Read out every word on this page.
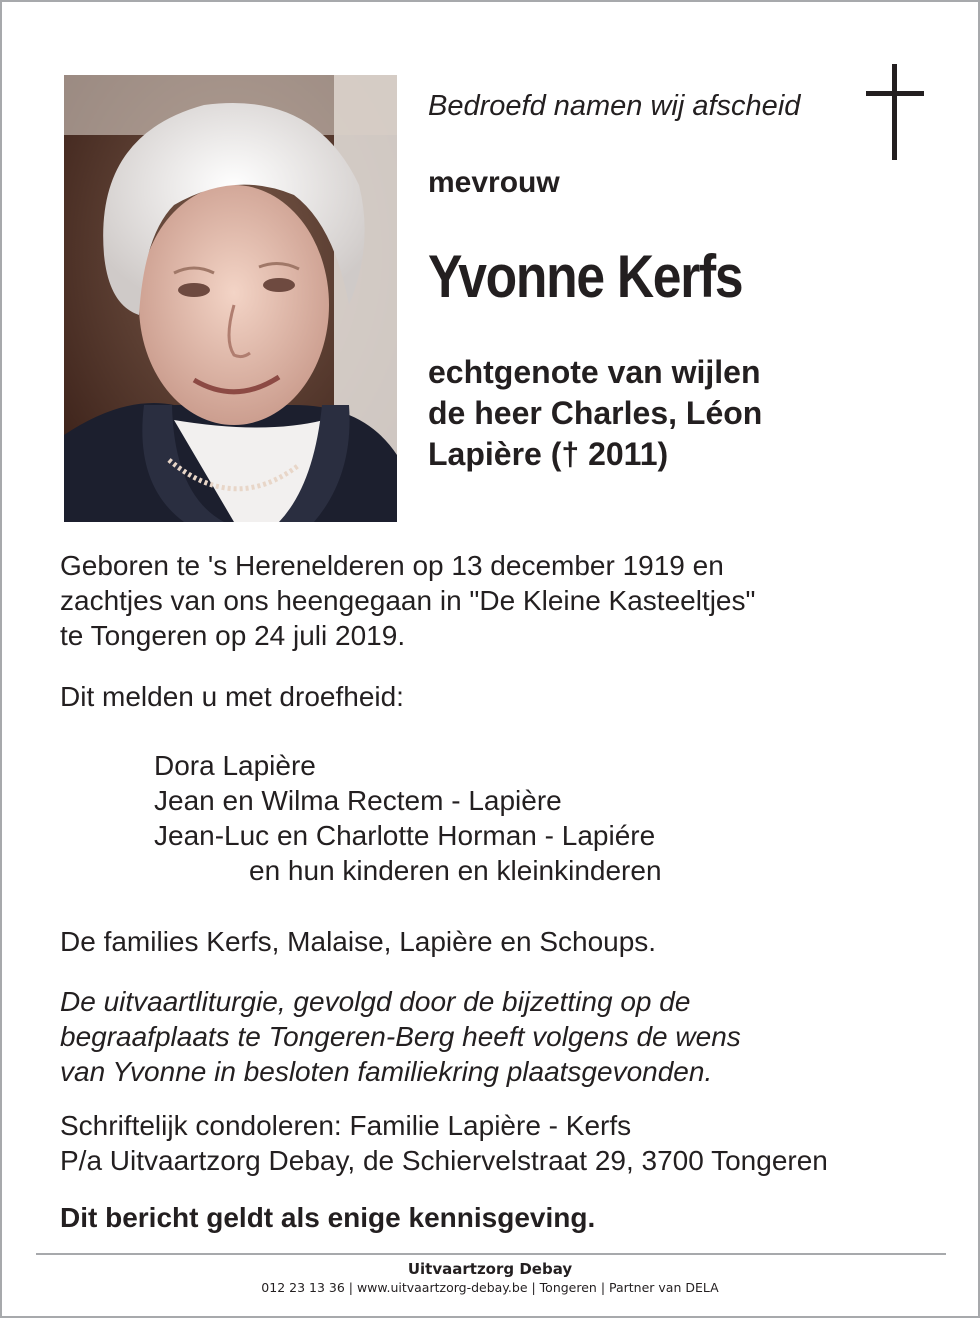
Bedroefd namen wij afscheid
mevrouw
Yvonne Kerfs
echtgenote van wijlen
de heer Charles, Léon
Lapière († 2011)
Geboren te 's Herenelderen op 13 december 1919 en
zachtjes van ons heengegaan in "De Kleine Kasteeltjes"
te Tongeren op 24 juli 2019.
Dit melden u met droefheid:
Dora Lapière
Jean en Wilma Rectem - Lapière
Jean-Luc en Charlotte Horman - Lapiére
en hun kinderen en kleinkinderen
De families Kerfs, Malaise, Lapière en Schoups.
De uitvaartliturgie, gevolgd door de bijzetting op de
begraafplaats te Tongeren-Berg heeft volgens de wens
van Yvonne in besloten familiekring plaatsgevonden.
Schriftelijk condoleren: Familie Lapière - Kerfs
P/a Uitvaartzorg Debay, de Schiervelstraat 29, 3700 Tongeren
Dit bericht geldt als enige kennisgeving.
Uitvaartzorg Debay
012 23 13 36 | www.uitvaartzorg-debay.be | Tongeren | Partner van DELA
